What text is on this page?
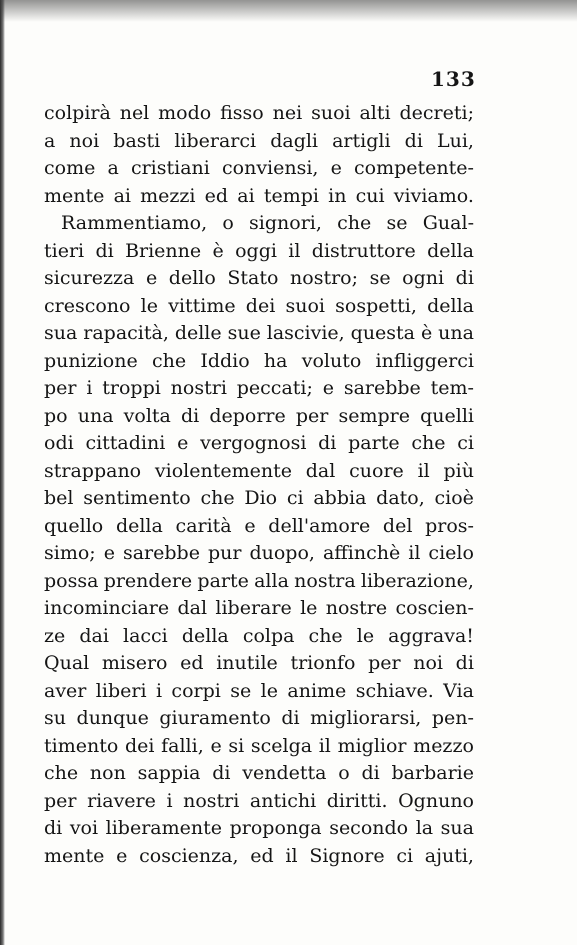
133
colpirà nel modo fisso nei suoi alti decreti;
a noi basti liberarci dagli artigli di Lui,
come a cristiani conviensi, e competente-
mente ai mezzi ed ai tempi in cui viviamo.
Rammentiamo, o signori, che se Gual-
tieri di Brienne è oggi il distruttore della
sicurezza e dello Stato nostro; se ogni di
crescono le vittime dei suoi sospetti, della
sua rapacità, delle sue lascivie, questa è una
punizione che Iddio ha voluto infliggerci
per i troppi nostri peccati; e sarebbe tem-
po una volta di deporre per sempre quelli
odi cittadini e vergognosi di parte che ci
strappano violentemente dal cuore il più
bel sentimento che Dio ci abbia dato, cioè
quello della carità e dell'amore del pros-
simo; e sarebbe pur duopo, affinchè il cielo
possa prendere parte alla nostra liberazione,
incominciare dal liberare le nostre coscien-
ze dai lacci della colpa che le aggrava!
Qual misero ed inutile trionfo per noi di
aver liberi i corpi se le anime schiave. Via
su dunque giuramento di migliorarsi, pen-
timento dei falli, e si scelga il miglior mezzo
che non sappia di vendetta o di barbarie
per riavere i nostri antichi diritti. Ognuno
di voi liberamente proponga secondo la sua
mente e coscienza, ed il Signore ci ajuti,
